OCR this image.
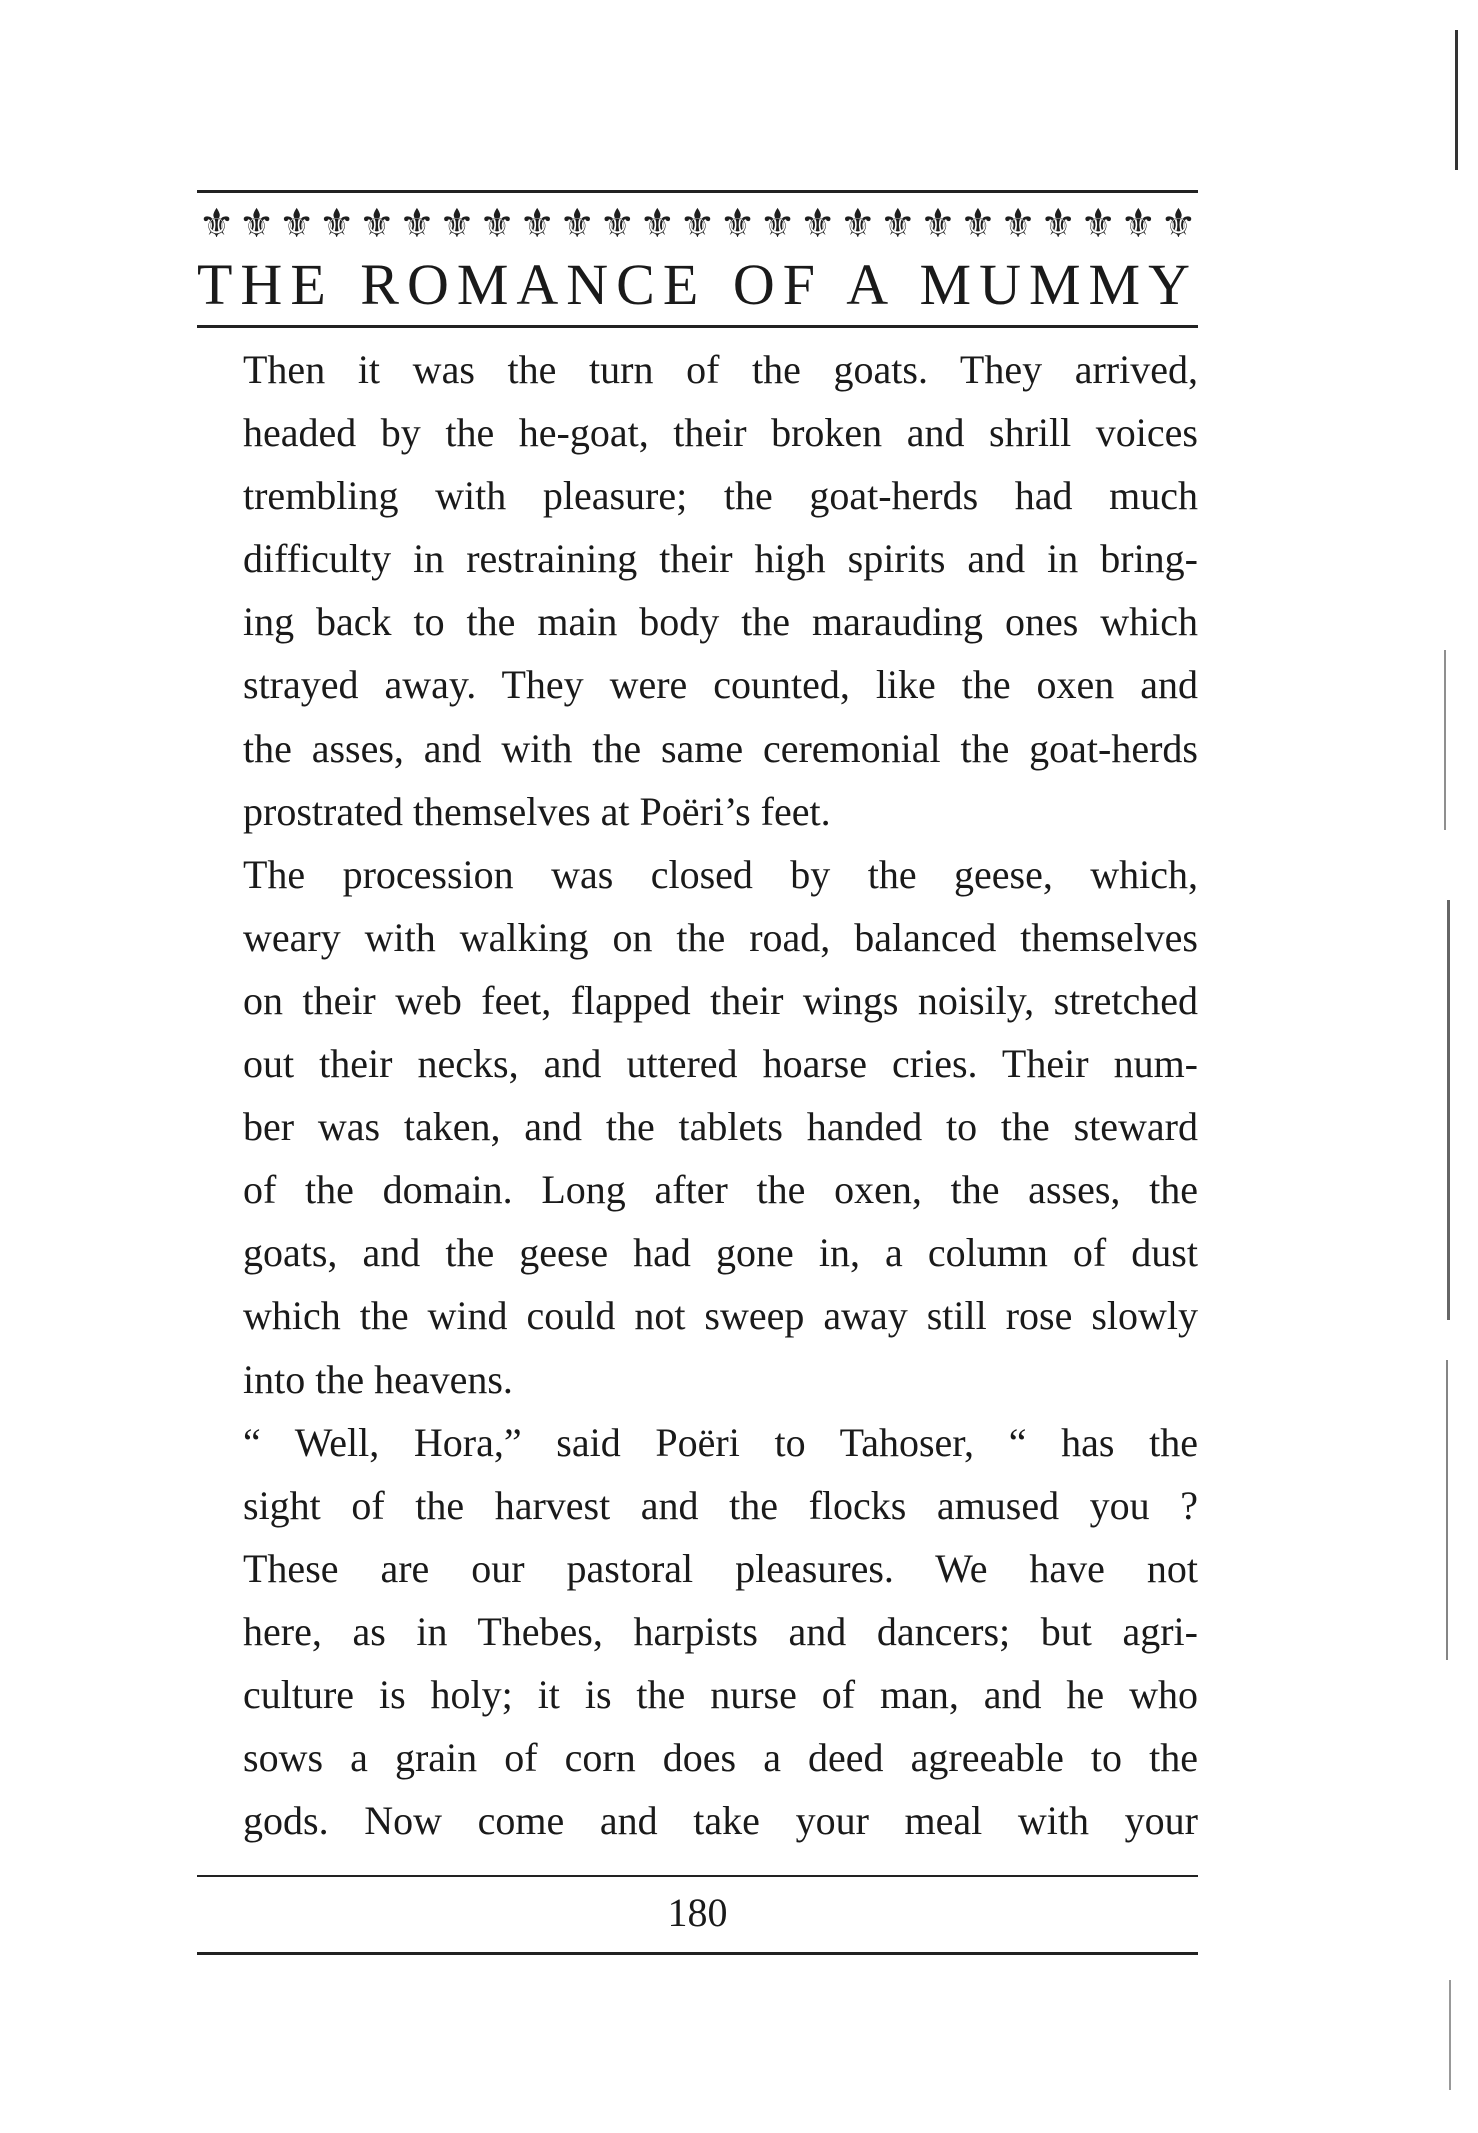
⚜ ⚜ ⚜ ⚜ ⚜ ⚜ ⚜ ⚜ ⚜ ⚜ ⚜ ⚜ ⚜ ⚜ ⚜ ⚜ ⚜ ⚜ ⚜ ⚜ ⚜ ⚜ ⚜ ⚜ ⚜
THE ROMANCE OF A MUMMY

Then it was the turn of the goats. They arrived,
headed by the he-goat, their broken and shrill voices
trembling with pleasure; the goat-herds had much
difficulty in restraining their high spirits and in bring-
ing back to the main body the marauding ones which
strayed away. They were counted, like the oxen and
the asses, and with the same ceremonial the goat-herds
prostrated themselves at Poëri’s feet.

The procession was closed by the geese, which,
weary with walking on the road, balanced themselves
on their web feet, flapped their wings noisily, stretched
out their necks, and uttered hoarse cries. Their num-
ber was taken, and the tablets handed to the steward
of the domain. Long after the oxen, the asses, the
goats, and the geese had gone in, a column of dust
which the wind could not sweep away still rose slowly
into the heavens.

“ Well, Hora,” said Poëri to Tahoser, “ has the
sight of the harvest and the flocks amused you ?
These are our pastoral pleasures. We have not
here, as in Thebes, harpists and dancers; but agri-
culture is holy; it is the nurse of man, and he who
sows a grain of corn does a deed agreeable to the
gods. Now come and take your meal with your

180
